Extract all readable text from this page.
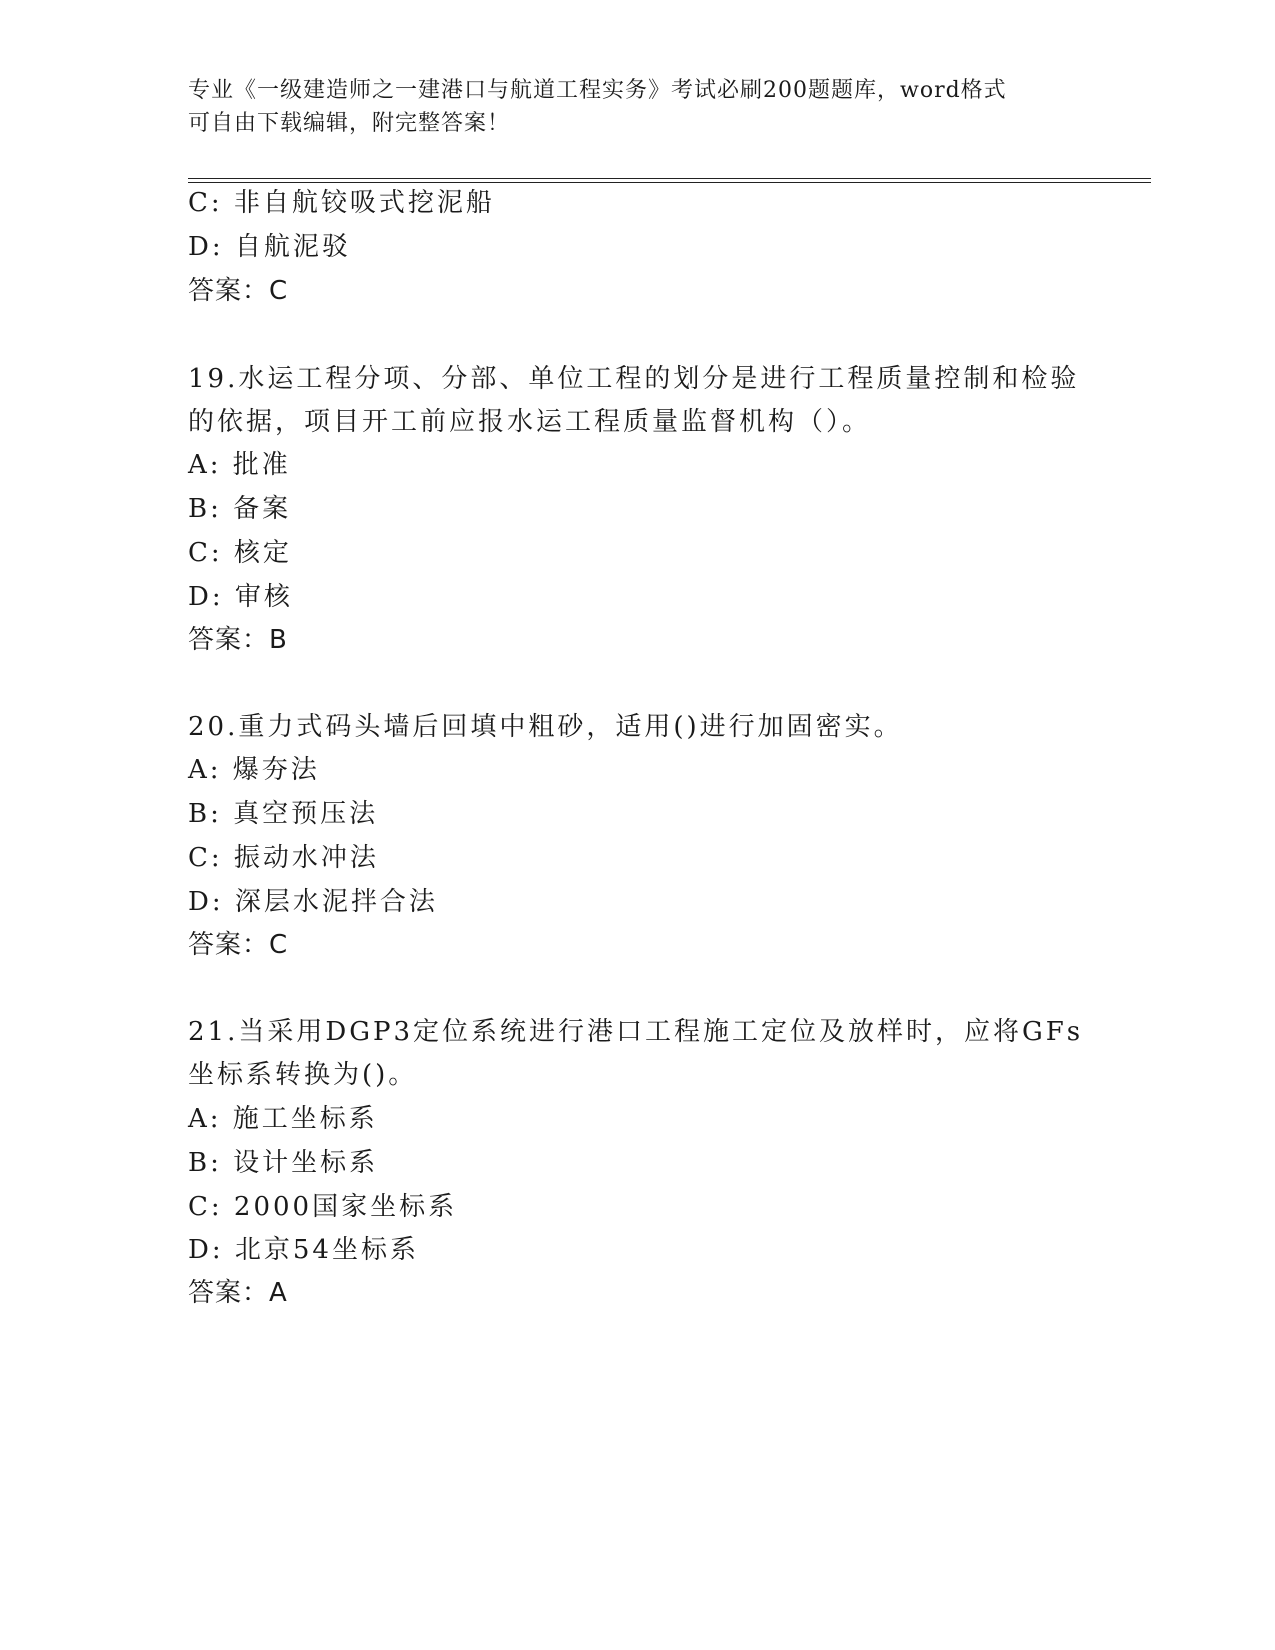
专业《一级建造师之一建港口与航道工程实务》考试必刷200题题库，word格式
可自由下载编辑，附完整答案！
C: 非自航铰吸式挖泥船
D: 自航泥驳
答案：C
19.水运工程分项、分部、单位工程的划分是进行工程质量控制和检验
的依据，项目开工前应报水运工程质量监督机构（）。
A: 批准
B: 备案
C: 核定
D: 审核
答案：B
20.重力式码头墙后回填中粗砂，适用()进行加固密实。
A: 爆夯法
B: 真空预压法
C: 振动水冲法
D: 深层水泥拌合法
答案：C
21.当采用DGP3定位系统进行港口工程施工定位及放样时，应将GFs
坐标系转换为()。
A: 施工坐标系
B: 设计坐标系
C: 2000国家坐标系
D: 北京54坐标系
答案：A
